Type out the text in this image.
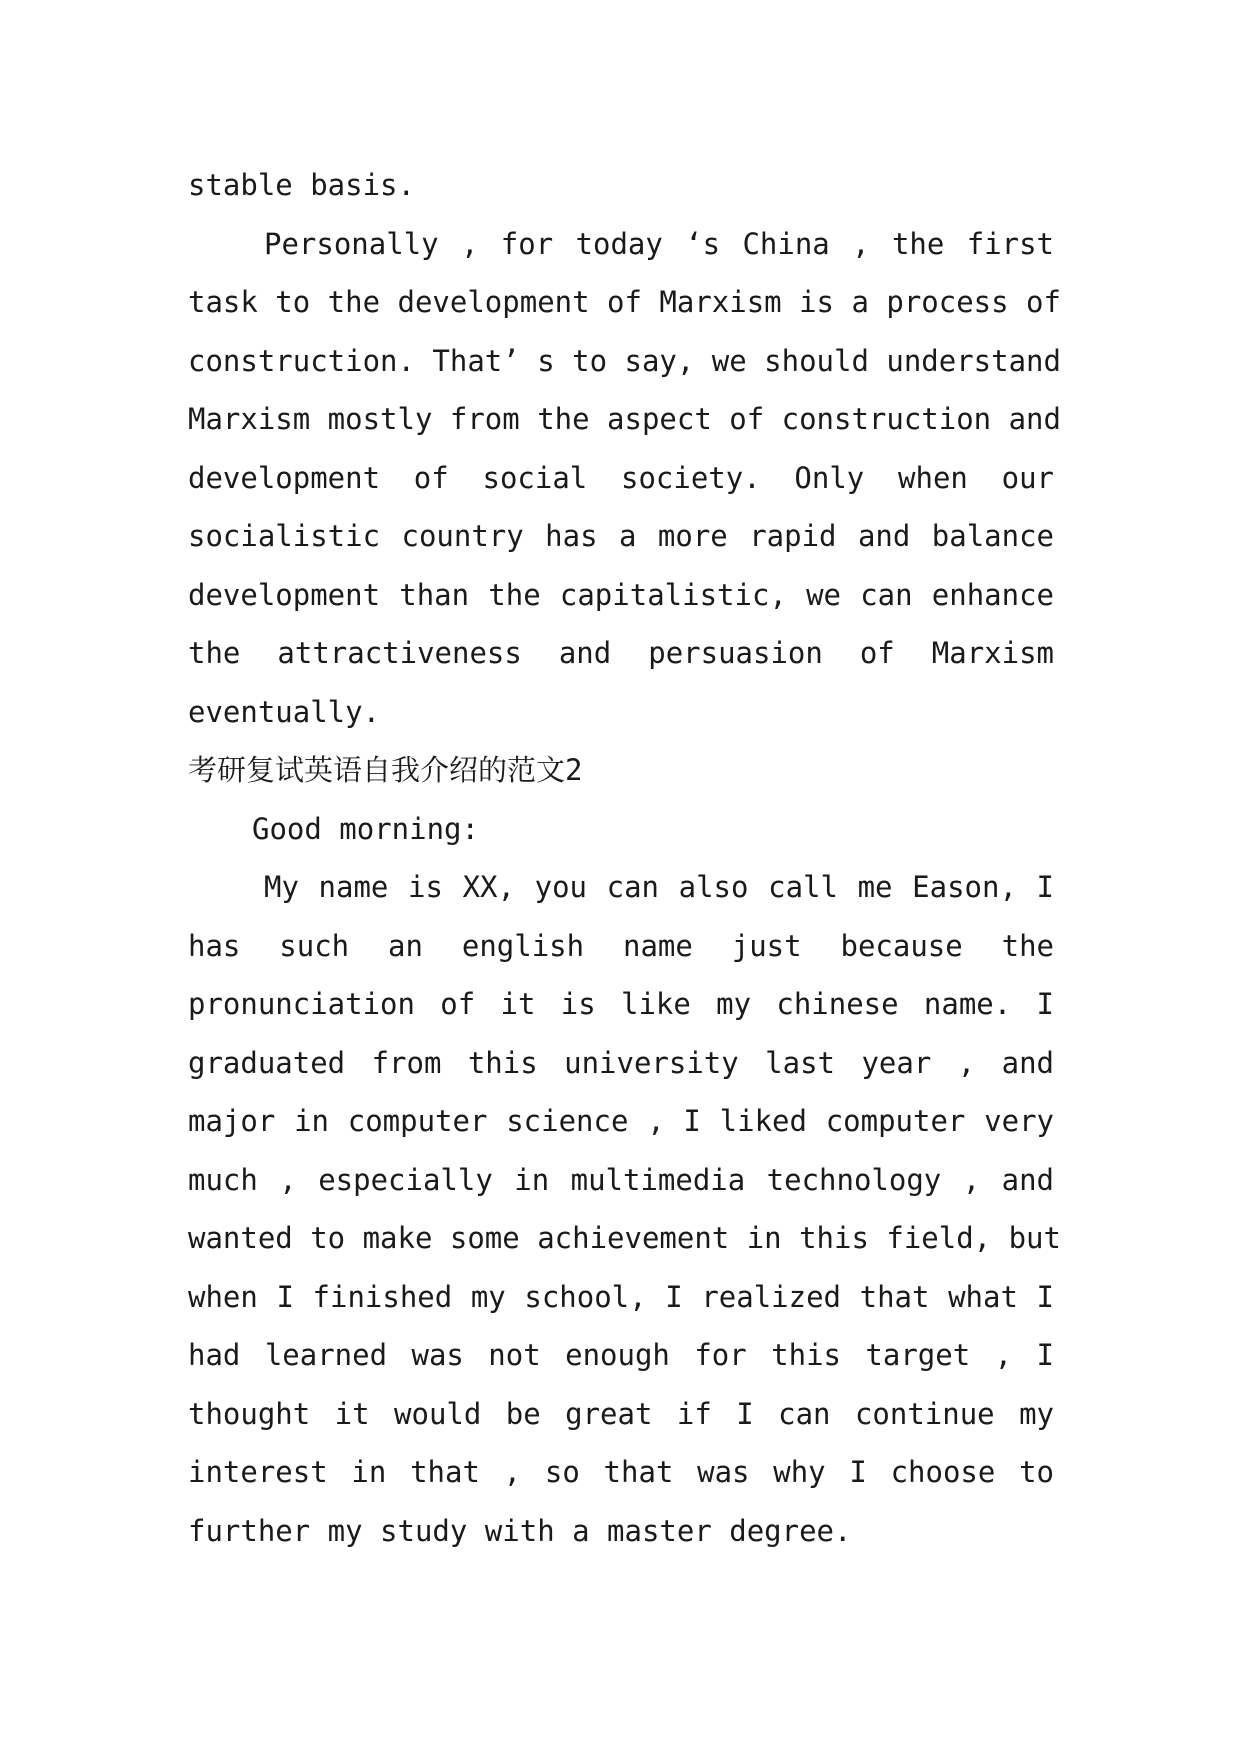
stable basis.
Personally , for today ‘s China , the first
task to the development of Marxism is a process of
construction. That’ s to say, we should understand
Marxism mostly from the aspect of construction and
development of social society. Only when our
socialistic country has a more rapid and balance
development than the capitalistic, we can enhance
the attractiveness and persuasion of Marxism
eventually.
考研复试英语自我介绍的范文2
Good morning:
My name is XX, you can also call me Eason, I
has such an english name just because the
pronunciation of it is like my chinese name. I
graduated from this university last year , and
major in computer science , I liked computer very
much , especially in multimedia technology , and
wanted to make some achievement in this field, but
when I finished my school, I realized that what I
had learned was not enough for this target , I
thought it would be great if I can continue my
interest in that , so that was why I choose to
further my study with a master degree.
